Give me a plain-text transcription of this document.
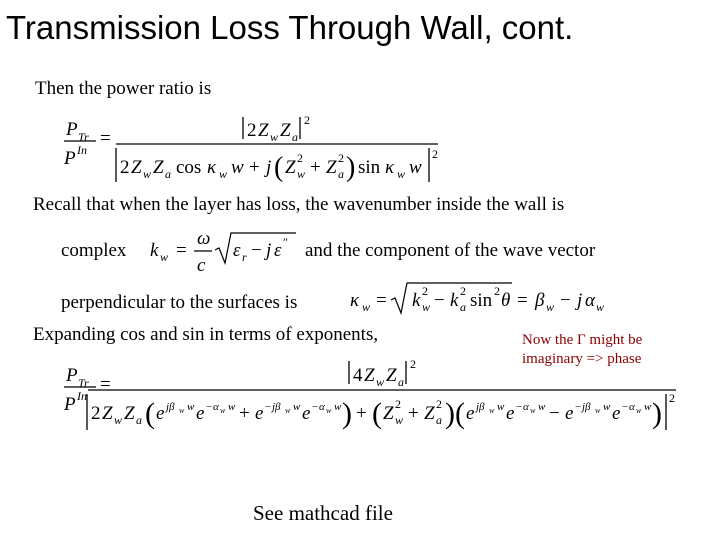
Transmission Loss Through Wall, cont.
Then the power ratio is
Recall that when the layer has loss, the wavenumber inside the wall is
complex	and the component of the wave vector
perpendicular to the surfaces is
Expanding cos and sin in terms of exponents,	Now the Γ might be
imaginary => phase
See mathcad file
P Tr =
P In
2 Z w Z a
2
2 Z w Z a cos κ w w + j ( Z w
2 + Z a
2 ) sin κ w w
2
k w =
ω
c
ε r − j ε ″
κ w = k w
2 − k a
2 sin 2 θ = β w − j α w
P Tr =
P In
4 Z w Z a
2
2 Z w Z a ( e jβ w w e − α w w + e − jβ w w e − α w w ) + ( Z w
2 + Z a
2 ) ( e jβ w w e − α w w − e − jβ w w e − α w w ) 2
